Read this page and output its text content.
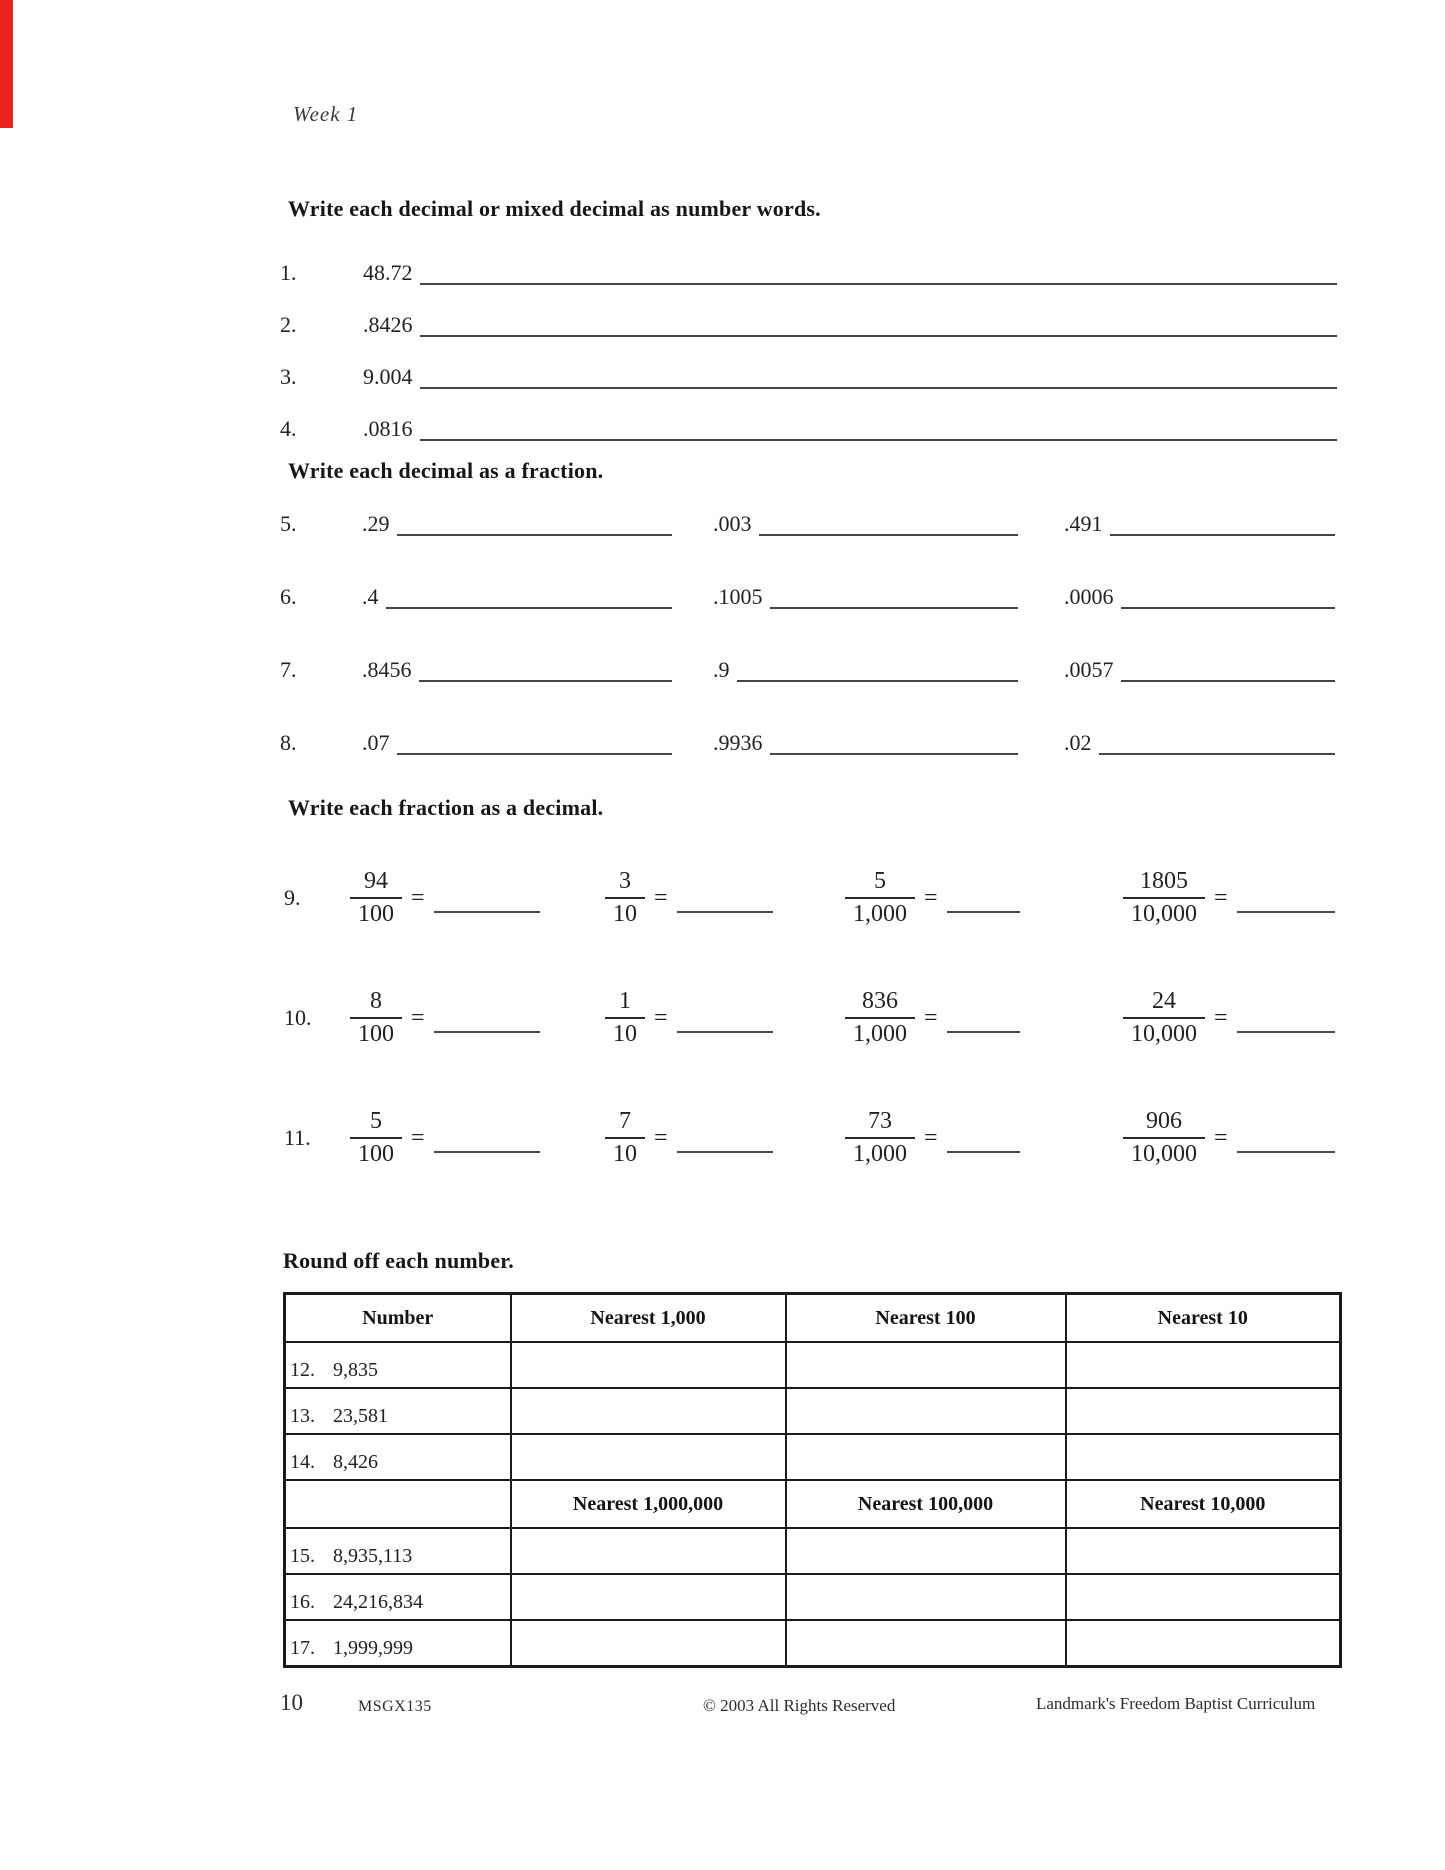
Week 1
Write each decimal or mixed decimal as number words.
1.	48.72
2.	.8426
3.	9.004
4.	.0816
Write each decimal as a fraction.
5.	.29	.003	.491
6.	.4	.1005	.0006
7.	.8456	.9	.0057
8.	.07	.9936	.02
Write each fraction as a decimal.
9. $\frac{94}{100}$ =	$\frac{3}{10}$ =	$\frac{5}{1,000}$ =	$\frac{1805}{10,000}$ =
10. $\frac{8}{100}$ =	$\frac{1}{10}$ =	$\frac{836}{1,000}$ =	$\frac{24}{10,000}$ =
11. $\frac{5}{100}$ =	$\frac{7}{10}$ =	$\frac{73}{1,000}$ =	$\frac{906}{10,000}$ =
Round off each number.
Number	Nearest 1,000	Nearest 100	Nearest 10
12. 9,835			
13. 23,581			
14. 8,426			
	Nearest 1,000,000	Nearest 100,000	Nearest 10,000
15. 8,935,113			
16. 24,216,834			
17. 1,999,999			
10	MSGX135	© 2003 All Rights Reserved	Landmark's Freedom Baptist Curriculum
